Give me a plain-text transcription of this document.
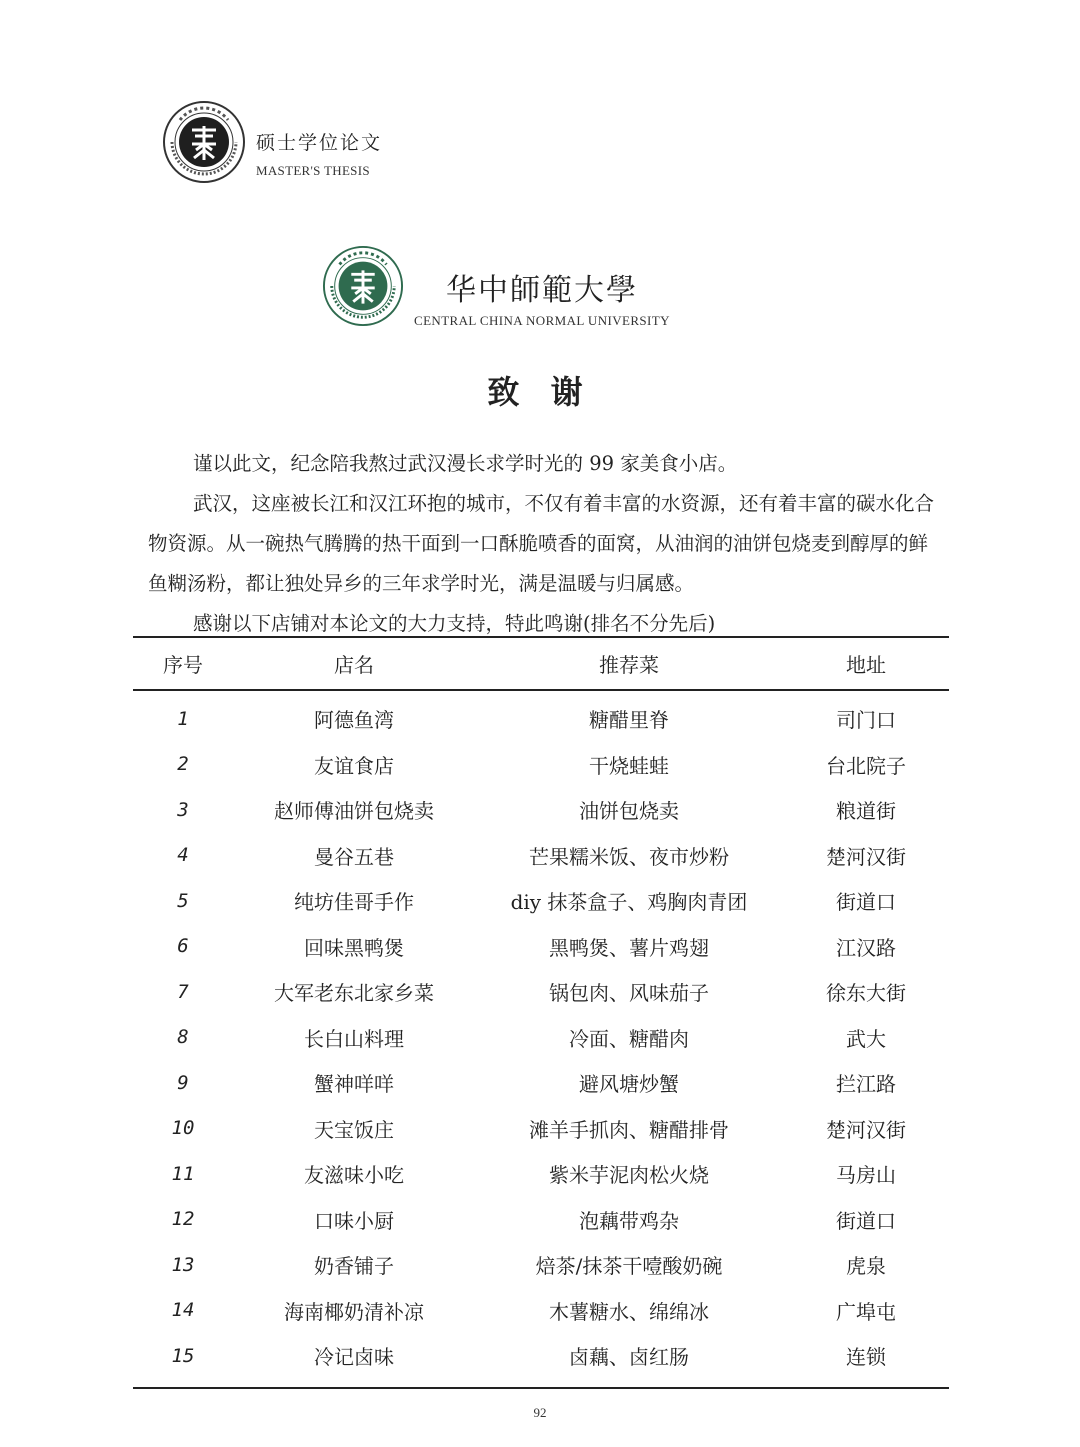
硕士学位论文
MASTER'S THESIS
华中師範大學
CENTRAL CHINA NORMAL UNIVERSITY
致 谢
谨以此文，纪念陪我熬过武汉漫长求学时光的 99 家美食小店。
武汉，这座被长江和汉江环抱的城市，不仅有着丰富的水资源，还有着丰富的碳水化合物资源。从一碗热气腾腾的热干面到一口酥脆喷香的面窝，从油润的油饼包烧麦到醇厚的鲜鱼糊汤粉，都让独处异乡的三年求学时光，满是温暖与归属感。
感谢以下店铺对本论文的大力支持，特此鸣谢(排名不分先后)
序号	店名	推荐菜	地址
1	阿德鱼湾	糖醋里脊	司门口
2	友谊食店	干烧蛙蛙	台北院子
3	赵师傅油饼包烧卖	油饼包烧卖	粮道街
4	曼谷五巷	芒果糯米饭、夜市炒粉	楚河汉街
5	纯坊佳哥手作	diy 抹茶盒子、鸡胸肉青团	街道口
6	回味黑鸭煲	黑鸭煲、薯片鸡翅	江汉路
7	大军老东北家乡菜	锅包肉、风味茄子	徐东大街
8	长白山料理	冷面、糖醋肉	武大
9	蟹神咩咩	避风塘炒蟹	拦江路
10	天宝饭庄	滩羊手抓肉、糖醋排骨	楚河汉街
11	友滋味小吃	紫米芋泥肉松火烧	马房山
12	口味小厨	泡藕带鸡杂	街道口
13	奶香铺子	焙茶/抹茶干噎酸奶碗	虎泉
14	海南椰奶清补凉	木薯糖水、绵绵冰	广埠屯
15	冷记卤味	卤藕、卤红肠	连锁
92
